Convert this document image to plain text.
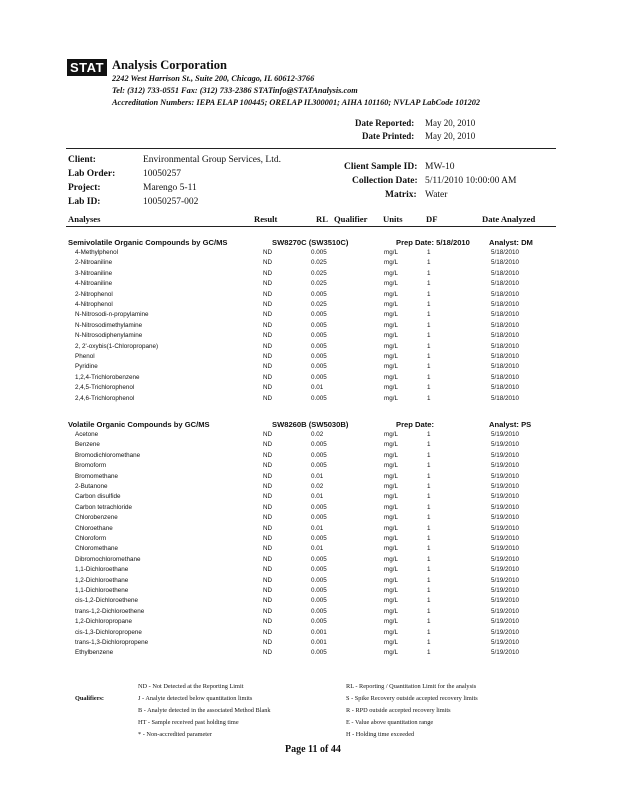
STAT Analysis Corporation
2242 West Harrison St., Suite 200, Chicago, IL 60612-3766
Tel: (312) 733-0551 Fax: (312) 733-2386 STATinfo@STATAnalysis.com
Accreditation Numbers: IEPA ELAP 100445; ORELAP IL300001; AIHA 101160; NVLAP LabCode 101202
Date Reported: May 20, 2010
Date Printed: May 20, 2010
Client:	Environmental Group Services, Ltd.
Lab Order:	10050257
Project:	Marengo 5-11
Lab ID:	10050257-002
Client Sample ID: MW-10
Collection Date: 5/11/2010 10:00:00 AM
Matrix: Water
Analyses	Result	RL Qualifier Units	DF	Date Analyzed
Semivolatile Organic Compounds by GC/MS	SW8270C (SW3510C)	Prep Date: 5/18/2010	Analyst: DM
4-Methylphenol	ND	0.005	mg/L	1	5/18/2010
2-Nitroaniline	ND	0.025	mg/L	1	5/18/2010
3-Nitroaniline	ND	0.025	mg/L	1	5/18/2010
4-Nitroaniline	ND	0.025	mg/L	1	5/18/2010
2-Nitrophenol	ND	0.005	mg/L	1	5/18/2010
4-Nitrophenol	ND	0.025	mg/L	1	5/18/2010
N-Nitrosodi-n-propylamine	ND	0.005	mg/L	1	5/18/2010
N-Nitrosodimethylamine	ND	0.005	mg/L	1	5/18/2010
N-Nitrosodiphenylamine	ND	0.005	mg/L	1	5/18/2010
2, 2'-oxybis(1-Chloropropane)	ND	0.005	mg/L	1	5/18/2010
Phenol	ND	0.005	mg/L	1	5/18/2010
Pyridine	ND	0.005	mg/L	1	5/18/2010
1,2,4-Trichlorobenzene	ND	0.005	mg/L	1	5/18/2010
2,4,5-Trichlorophenol	ND	0.01	mg/L	1	5/18/2010
2,4,6-Trichlorophenol	ND	0.005	mg/L	1	5/18/2010
Volatile Organic Compounds by GC/MS	SW8260B (SW5030B)	Prep Date:	Analyst: PS
Acetone	ND	0.02	mg/L	1	5/19/2010
Benzene	ND	0.005	mg/L	1	5/19/2010
Bromodichloromethane	ND	0.005	mg/L	1	5/19/2010
Bromoform	ND	0.005	mg/L	1	5/19/2010
Bromomethane	ND	0.01	mg/L	1	5/19/2010
2-Butanone	ND	0.02	mg/L	1	5/19/2010
Carbon disulfide	ND	0.01	mg/L	1	5/19/2010
Carbon tetrachloride	ND	0.005	mg/L	1	5/19/2010
Chlorobenzene	ND	0.005	mg/L	1	5/19/2010
Chloroethane	ND	0.01	mg/L	1	5/19/2010
Chloroform	ND	0.005	mg/L	1	5/19/2010
Chloromethane	ND	0.01	mg/L	1	5/19/2010
Dibromochloromethane	ND	0.005	mg/L	1	5/19/2010
1,1-Dichloroethane	ND	0.005	mg/L	1	5/19/2010
1,2-Dichloroethane	ND	0.005	mg/L	1	5/19/2010
1,1-Dichloroethene	ND	0.005	mg/L	1	5/19/2010
cis-1,2-Dichloroethene	ND	0.005	mg/L	1	5/19/2010
trans-1,2-Dichloroethene	ND	0.005	mg/L	1	5/19/2010
1,2-Dichloropropane	ND	0.005	mg/L	1	5/19/2010
cis-1,3-Dichloropropene	ND	0.001	mg/L	1	5/19/2010
trans-1,3-Dichloropropene	ND	0.001	mg/L	1	5/19/2010
Ethylbenzene	ND	0.005	mg/L	1	5/19/2010
Qualifiers:
ND - Not Detected at the Reporting Limit
J - Analyte detected below quantitation limits
B - Analyte detected in the associated Method Blank
HT - Sample received past holding time
* - Non-accredited parameter
RL - Reporting / Quantitation Limit for the analysis
S - Spike Recovery outside accepted recovery limits
R - RPD outside accepted recovery limits
E - Value above quantitation range
H - Holding time exceeded
Page 11 of 44
